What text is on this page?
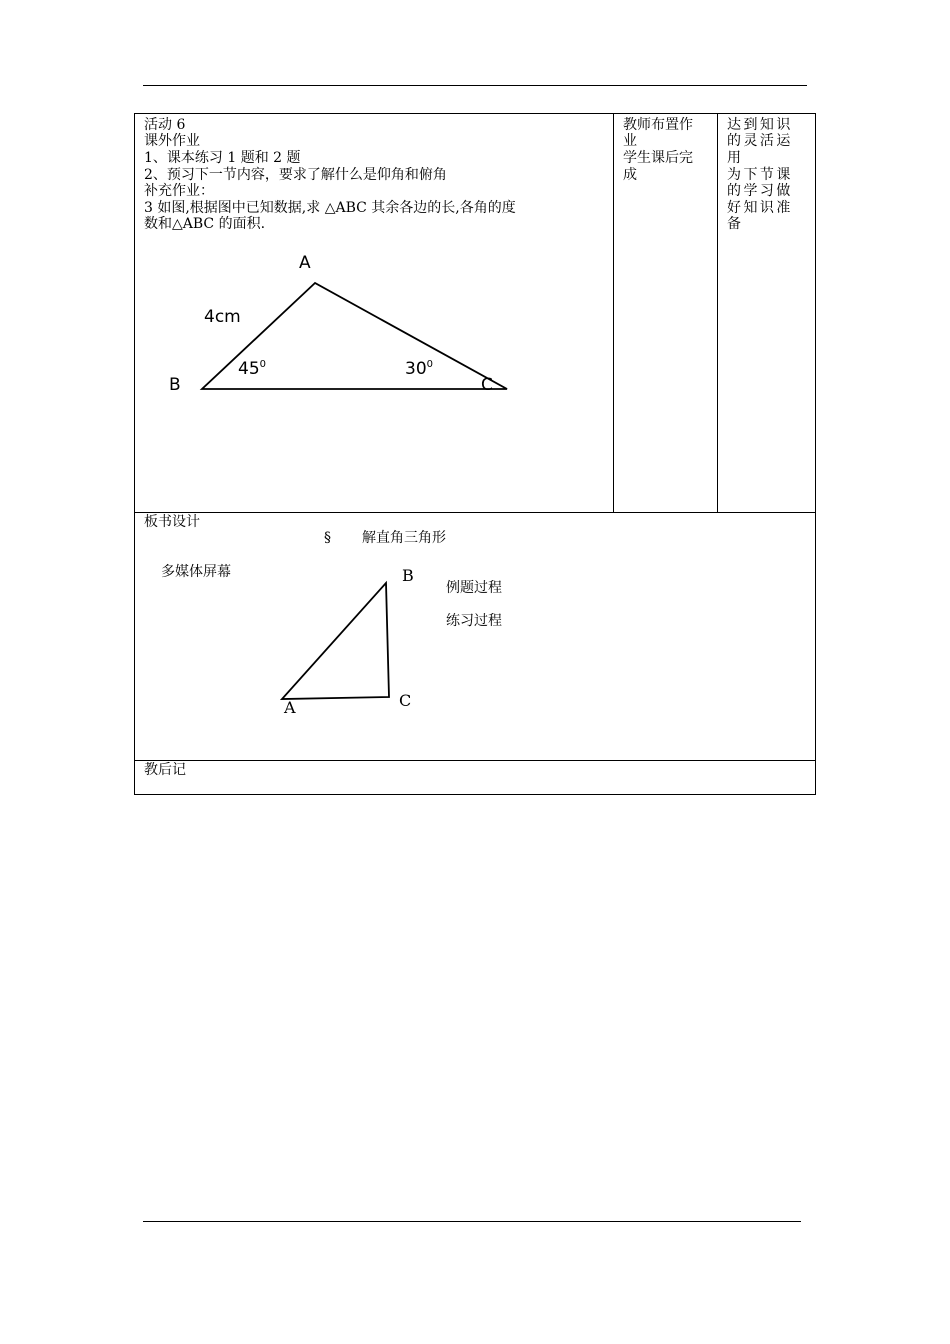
活动 6
课外作业
1、课本练习 1 题和 2 题
2、预习下一节内容，要求了解什么是仰角和俯角
补充作业：
3 如图,根据图中已知数据,求 △ABC 其余各边的长,各角的度
数和△ABC 的面积.
A
B	C
4cm
$45^0$	$30^0$
教师布置作
业
学生课后完
成
达 到 知 识
的 灵 活 运
用
为 下 节 课
的 学 习 做
好 知 识 准
备
板书设计
§ 解直角三角形
多媒体屏幕
例题过程
练习过程
A
B
C
教后记
